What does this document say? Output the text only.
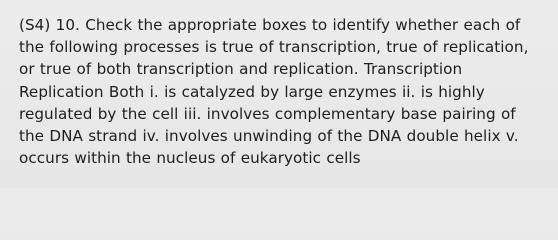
(S4) 10. Check the appropriate boxes to identify whether each of the following processes is true of transcription, true of replication, or true of both transcription and replication. Transcription Replication Both i. is catalyzed by large enzymes ii. is highly regulated by the cell iii. involves complementary base pairing of the DNA strand iv. involves unwinding of the DNA double helix v. occurs within the nucleus of eukaryotic cells
